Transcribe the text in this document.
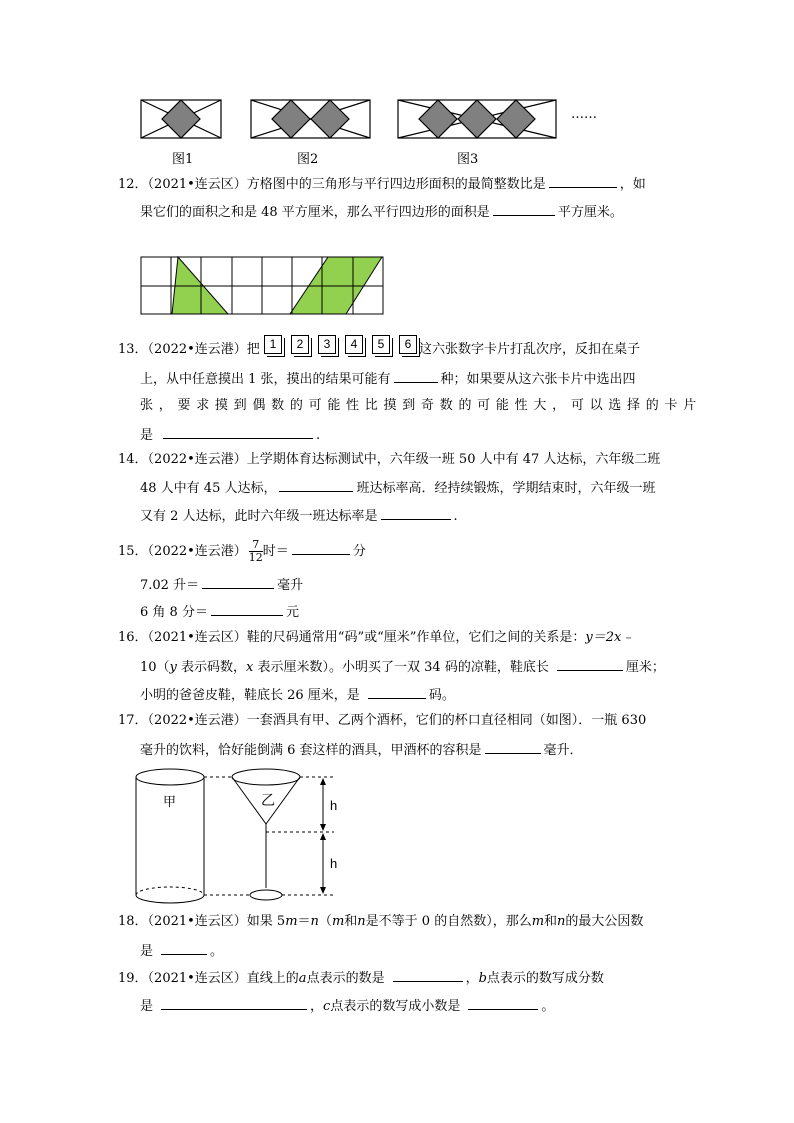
图1	图2	图3
……
12．（2021•连云区）方格图中的三角形与平行四边形面积的最简整数比是	，如
果它们的面积之和是 48 平方厘米，那么平行四边形的面积是	平方厘米。
13．（2022•连云港）把 1 2 3 4 5 6 这六张数字卡片打乱次序，反扣在桌子
上，从中任意摸出 1 张，摸出的结果可能有	种；如果要从这六张卡片中选出四
张 ， 要 求 摸 到 偶 数 的 可 能 性 比 摸 到 奇 数 的 可 能 性 大 ， 可 以 选 择 的 卡 片
是	.
14．（2022•连云港）上学期体育达标测试中，六年级一班 50 人中有 47 人达标，六年级二班
48 人中有 45 人达标，	班达标率高．经持续锻炼，学期结束时，六年级一班
又有 2 人达标，此时六年级一班达标率是	.
15．（2022•连云港） $\frac{7}{12}$ 时＝	分
7.02 升＝	毫升
6 角 8 分＝	元
16．（2021•连云区）鞋的尺码通常用“码”或“厘米”作单位，它们之间的关系是：y＝2x﹣
10（y 表示码数，x 表示厘米数）。小明买了一双 34 码的凉鞋，鞋底长	厘米；
小明的爸爸皮鞋，鞋底长 26 厘米，是	码。
17．（2022•连云港）一套酒具有甲、乙两个酒杯，它们的杯口直径相同（如图）．一瓶 630
毫升的饮料，恰好能倒满 6 套这样的酒具，甲酒杯的容积是	毫升．
甲	乙	h
h
18．（2021•连云区）如果 5m＝n（m和n是不等于 0 的自然数），那么m和n的最大公因数
是	。
19．（2021•连云区）直线上的a点表示的数是	，b点表示的数写成分数
是	，c点表示的数写成小数是	。
